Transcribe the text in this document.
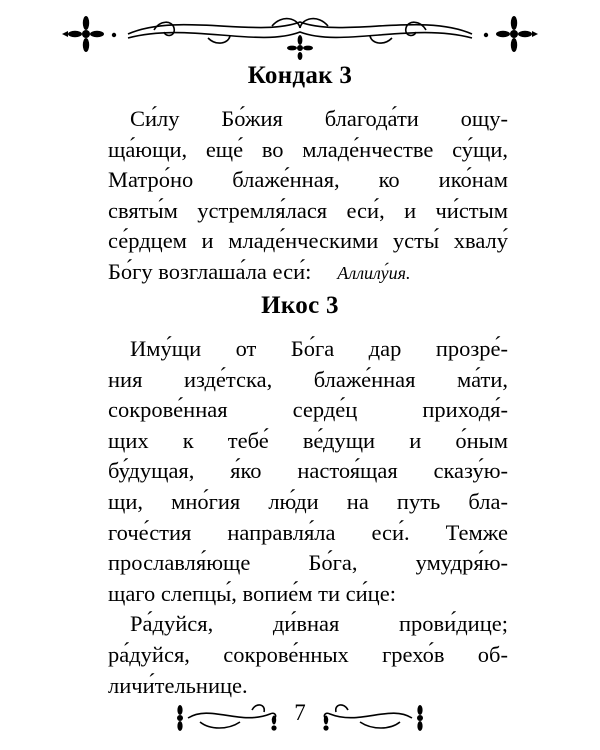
Кондак 3
Си́лу Бо́жия благода́ти ощу-
ща́ющи, еще́ во младе́нчестве су́щи,
Матро́но блаже́нная, ко ико́нам
святы́м устремля́лася еси́, и чи́стым
се́рдцем и младе́нческими усты́ хвалу́
Бо́гу возглаша́ла еси́: Аллилу́ия.
Икос 3
Иму́щи от Бо́га дар прозре́-
ния изде́тска, блаже́нная ма́ти,
сокрове́нная серде́ц приходя́-
щих к тебе́ ве́дущи и о́ным
бу́дущая, я́ко настоя́щая сказу́ю-
щи, мно́гия лю́ди на путь бла-
гоче́стия направля́ла еси́. Темже
прославля́юще Бо́га, умудря́ю-
щаго слепцы́, вопие́м ти си́це:
Ра́дуйся, ди́вная прови́дице;
ра́дуйся, сокрове́нных грехо́в об-
личи́тельнице.
7
